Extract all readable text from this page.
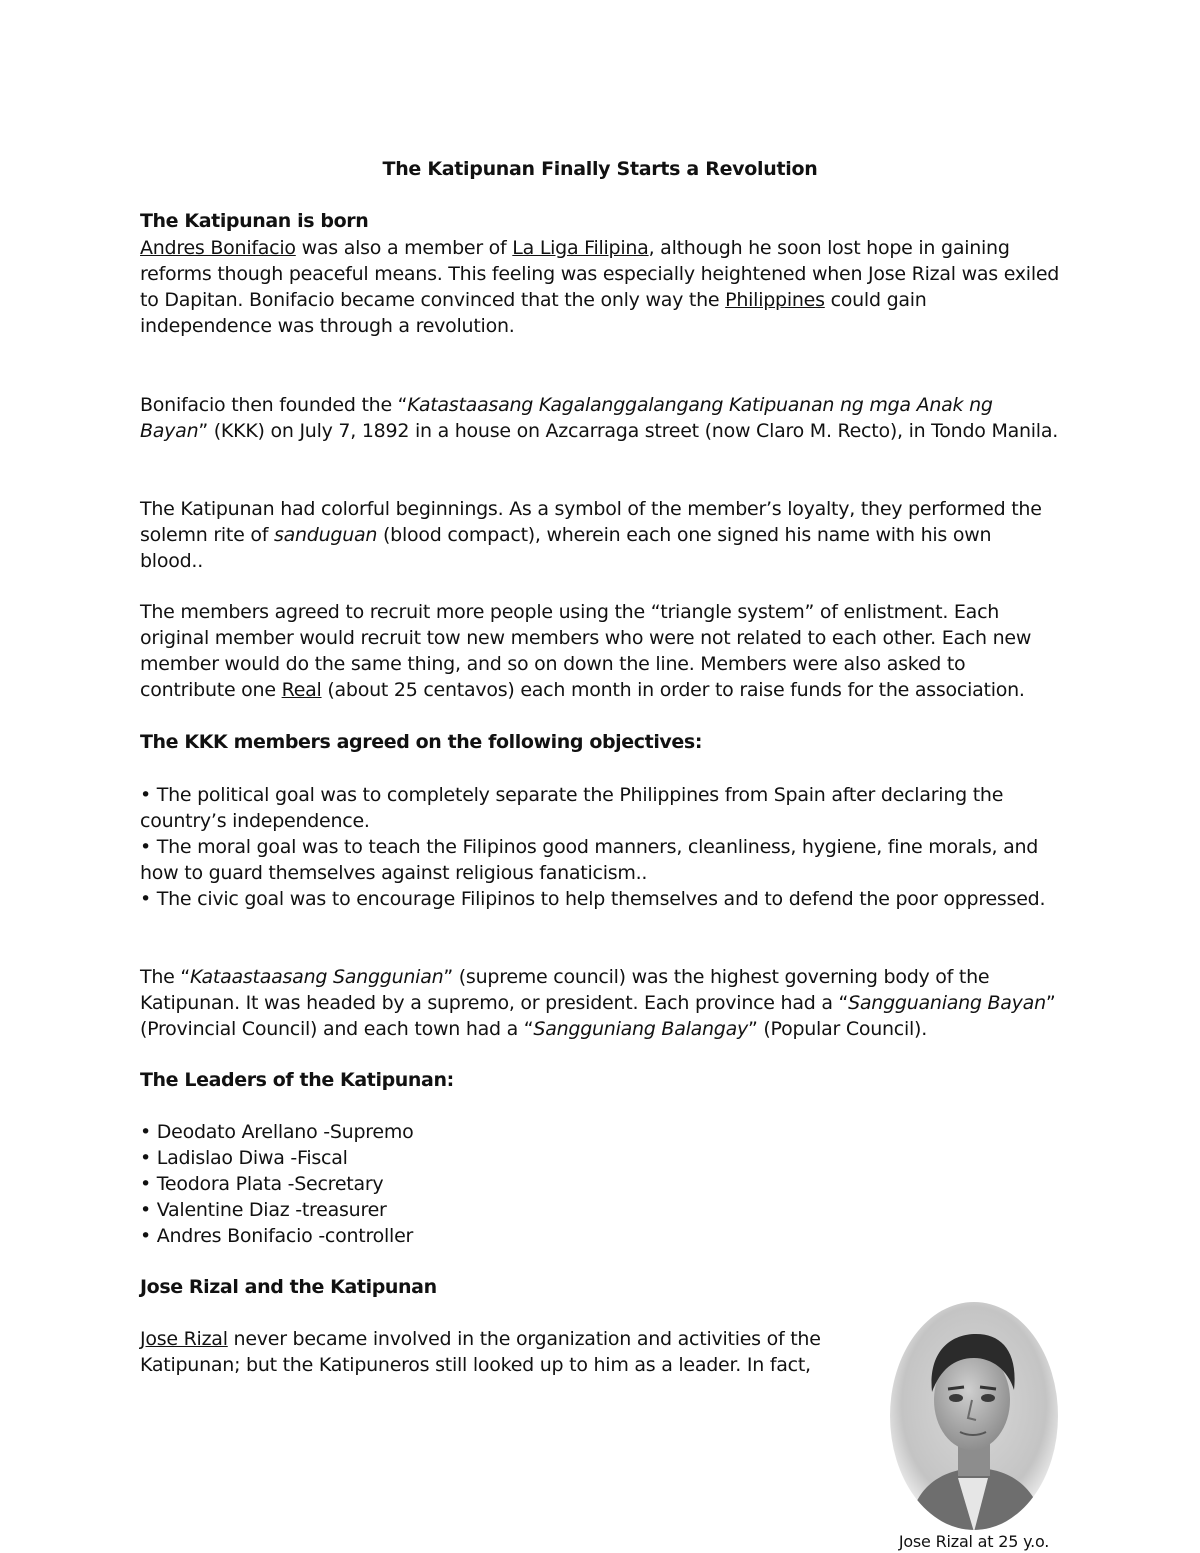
The Katipunan Finally Starts a Revolution
The Katipunan is born

Andres Bonifacio was also a member of La Liga Filipina, although he soon lost hope in gaining reforms though peaceful means. This feeling was especially heightened when Jose Rizal was exiled to Dapitan. Bonifacio became convinced that the only way the Philippines could gain independence was through a revolution.

Bonifacio then founded the “Katastaasang Kagalanggalangang Katipuanan ng mga Anak ng Bayan” (KKK) on July 7, 1892 in a house on Azcarraga street (now Claro M. Recto), in Tondo Manila.

The Katipunan had colorful beginnings. As a symbol of the member’s loyalty, they performed the solemn rite of sanduguan (blood compact), wherein each one signed his name with his own blood..

The members agreed to recruit more people using the “triangle system” of enlistment. Each original member would recruit tow new members who were not related to each other. Each new member would do the same thing, and so on down the line. Members were also asked to contribute one Real (about 25 centavos) each month in order to raise funds for the association.

The KKK members agreed on the following objectives:

• The political goal was to completely separate the Philippines from Spain after declaring the country’s independence.
• The moral goal was to teach the Filipinos good manners, cleanliness, hygiene, fine morals, and how to guard themselves against religious fanaticism..
• The civic goal was to encourage Filipinos to help themselves and to defend the poor oppressed.

The “Kataastaasang Sanggunian” (supreme council) was the highest governing body of the Katipunan. It was headed by a supremo, or president. Each province had a “Sangguaniang Bayan” (Provincial Council) and each town had a “Sangguniang Balangay” (Popular Council).

The Leaders of the Katipunan:

• Deodato Arellano -Supremo
• Ladislao Diwa -Fiscal
• Teodora Plata -Secretary
• Valentine Diaz -treasurer
• Andres Bonifacio -controller

Jose Rizal and the Katipunan

Jose Rizal never became involved in the organization and activities of the Katipunan; but the Katipuneros still looked up to him as a leader. In fact,

Jose Rizal at 25 y.o.
